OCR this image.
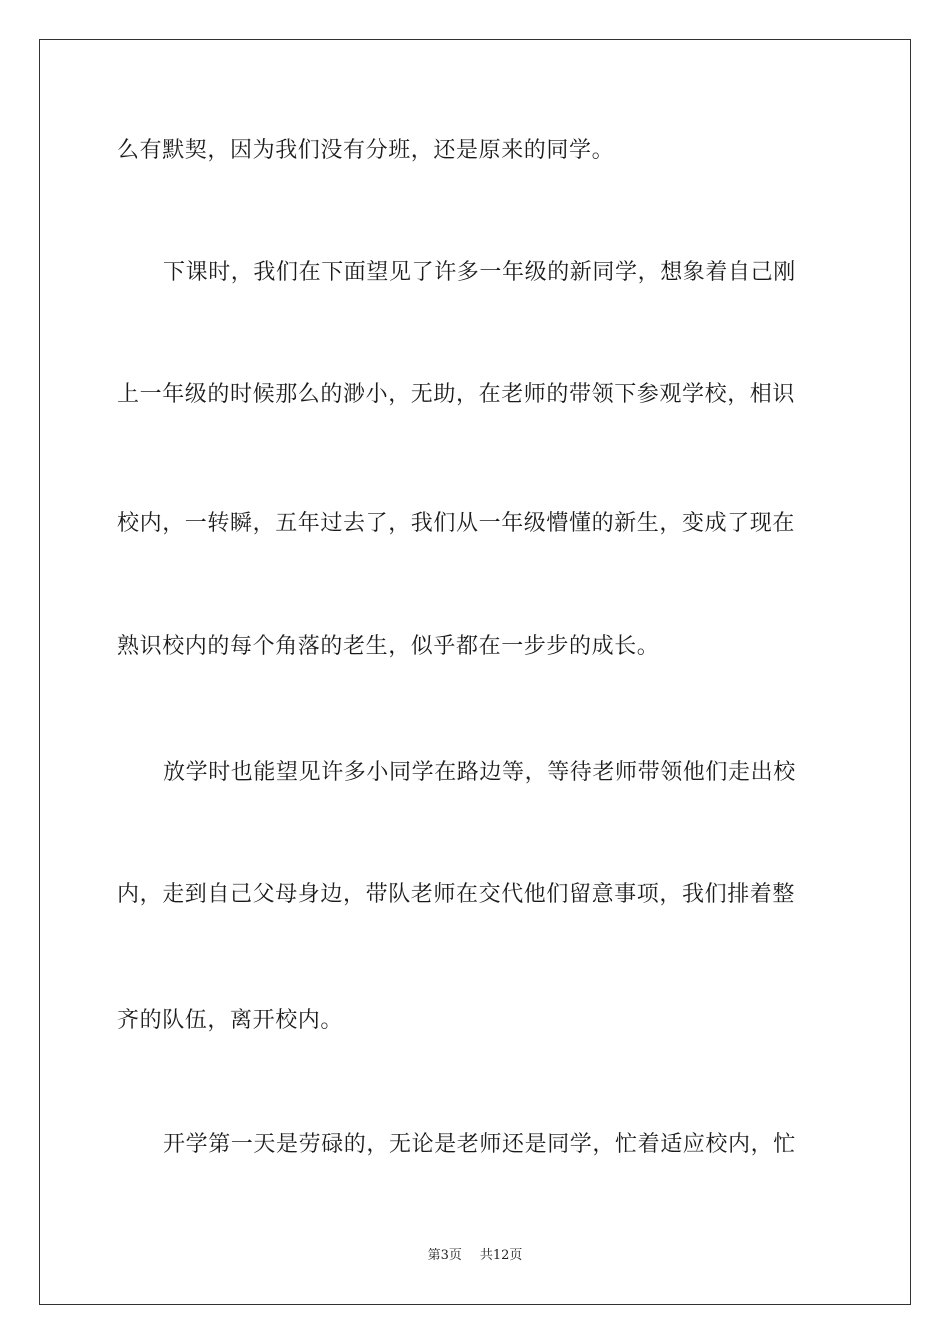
么有默契，因为我们没有分班，还是原来的同学。
下课时，我们在下面望见了许多一年级的新同学，想象着自己刚
上一年级的时候那么的渺小，无助，在老师的带领下参观学校，相识
校内，一转瞬，五年过去了，我们从一年级懵懂的新生，变成了现在
熟识校内的每个角落的老生，似乎都在一步步的成长。
放学时也能望见许多小同学在路边等，等待老师带领他们走出校
内，走到自己父母身边，带队老师在交代他们留意事项，我们排着整
齐的队伍，离开校内。
开学第一天是劳碌的，无论是老师还是同学，忙着适应校内，忙
第3页 共12页
